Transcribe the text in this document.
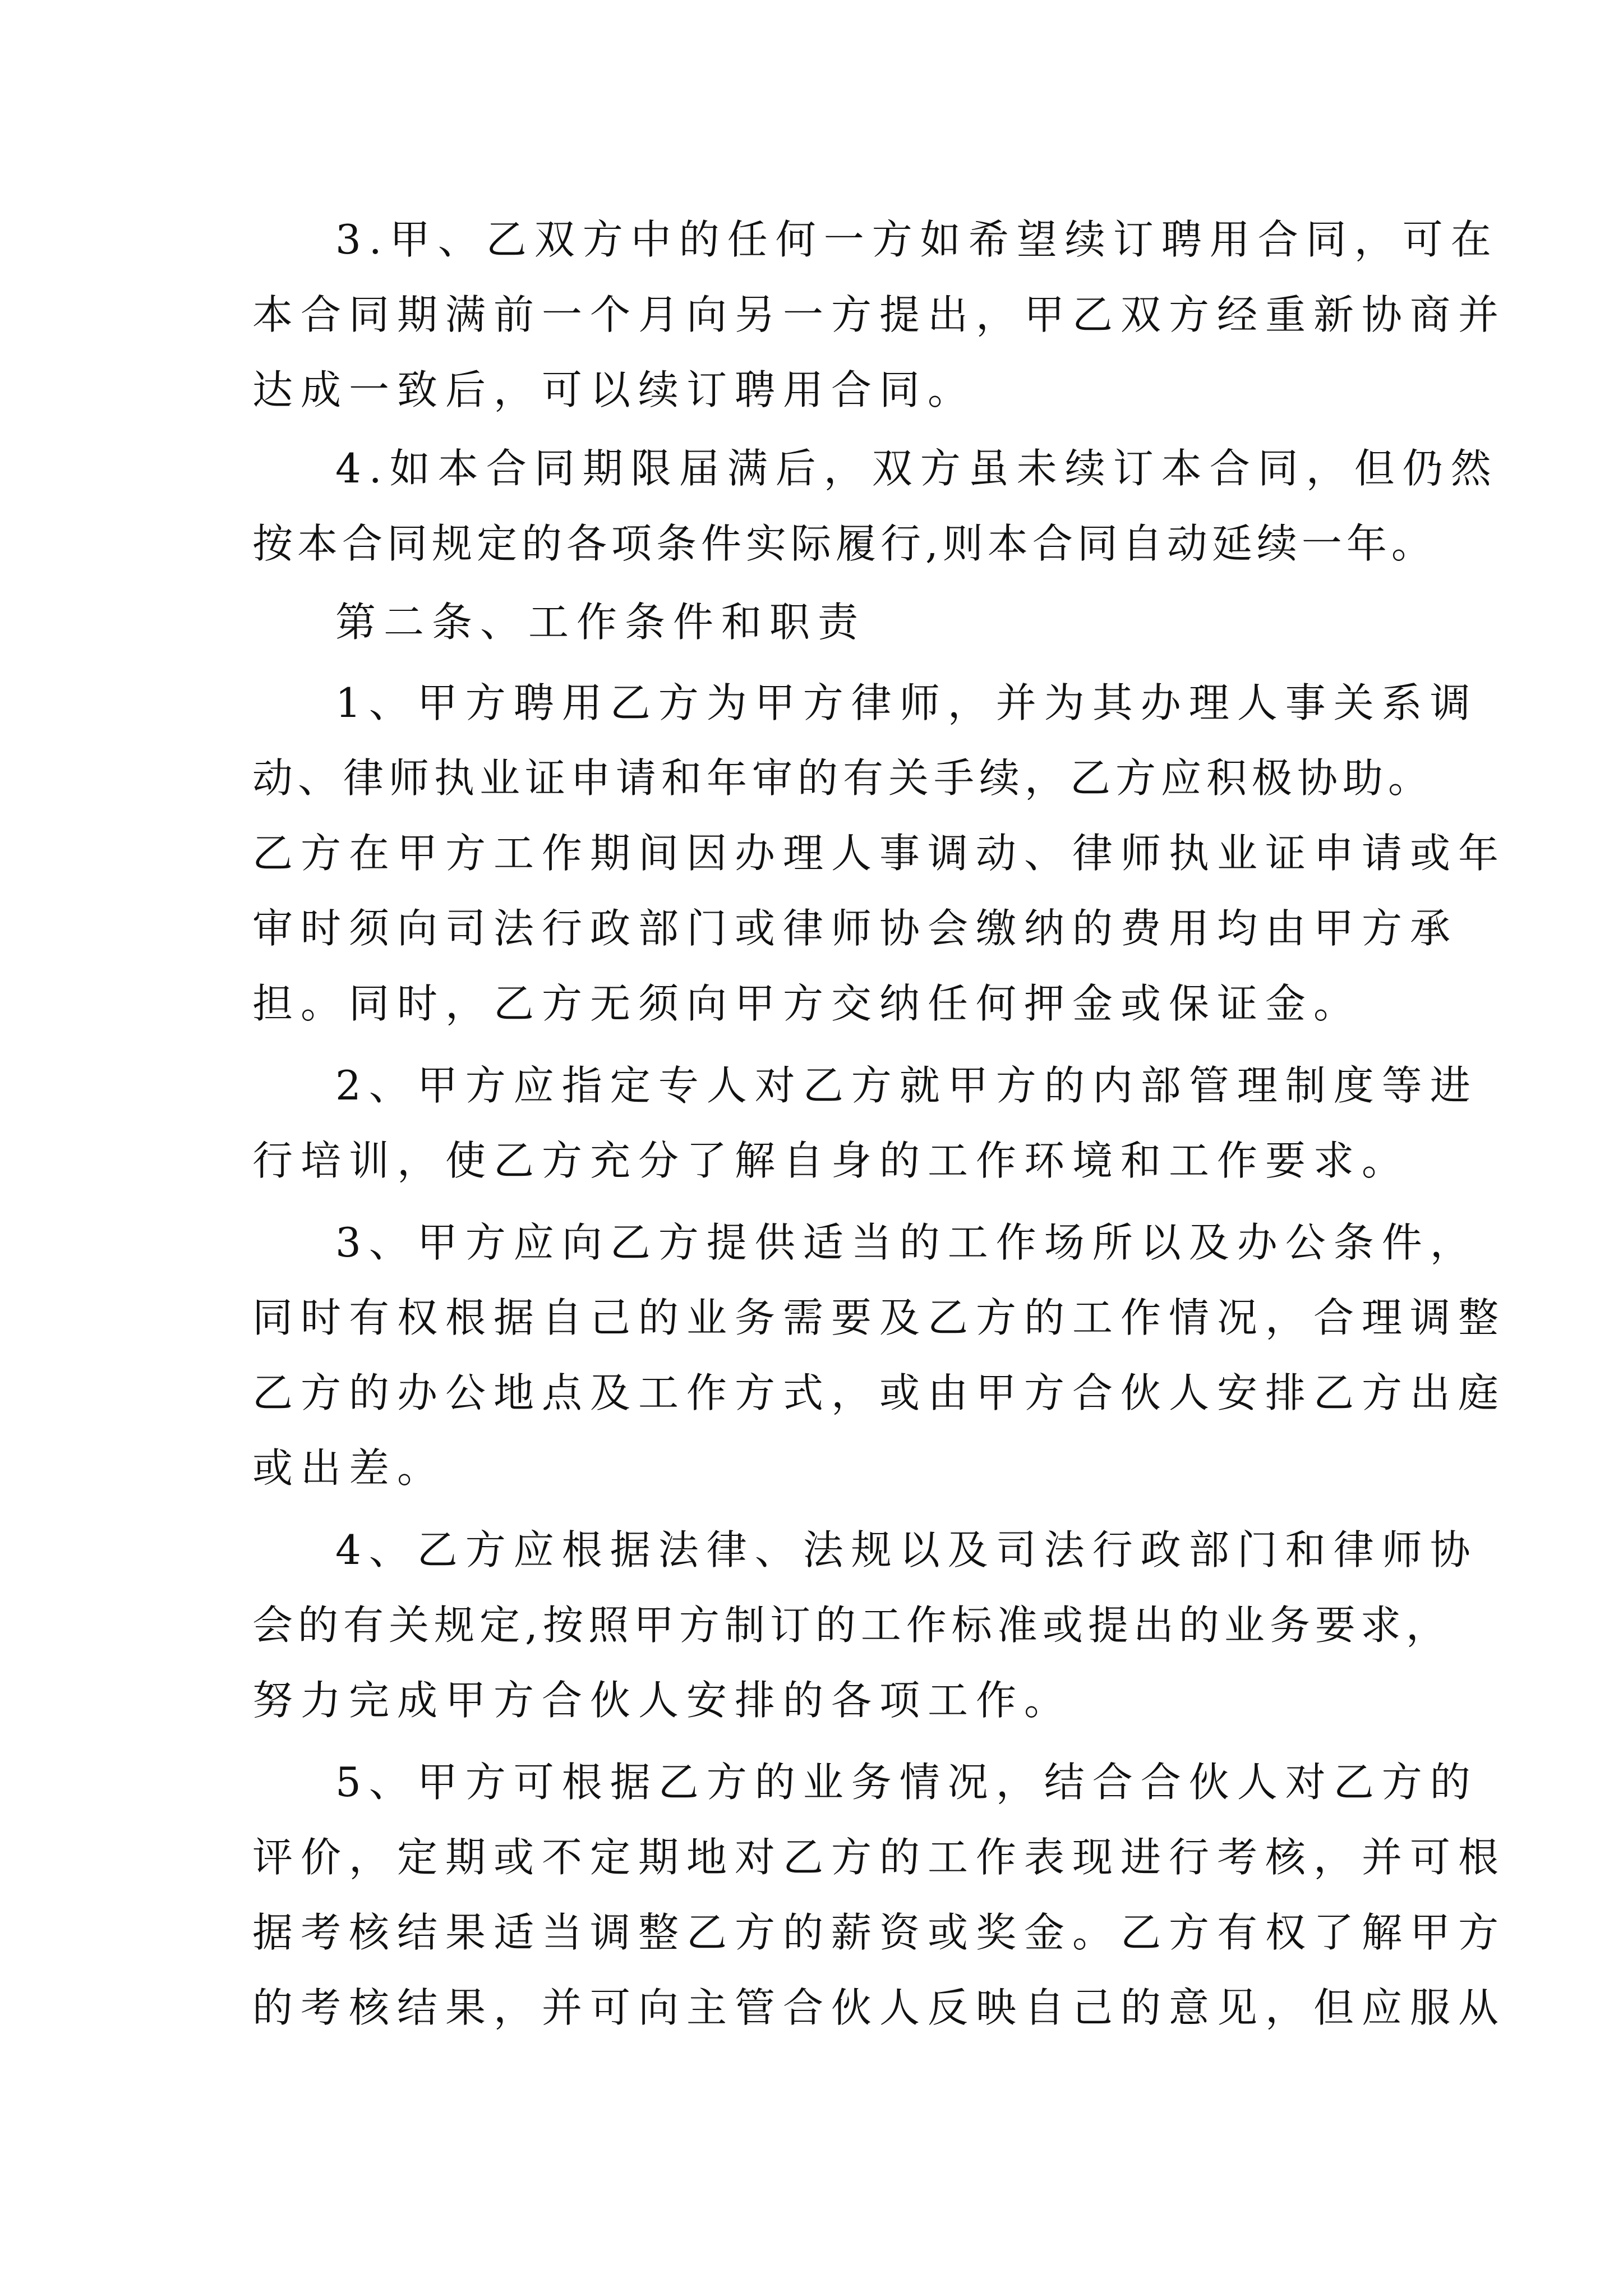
3.甲、乙双方中的任何一方如希望续订聘用合同，可在
本合同期满前一个月向另一方提出，甲乙双方经重新协商并
达成一致后，可以续订聘用合同。
4.如本合同期限届满后，双方虽未续订本合同，但仍然
按本合同规定的各项条件实际履行,则本合同自动延续一年。
第二条、工作条件和职责
1、甲方聘用乙方为甲方律师，并为其办理人事关系调
动、律师执业证申请和年审的有关手续，乙方应积极协助。
乙方在甲方工作期间因办理人事调动、律师执业证申请或年
审时须向司法行政部门或律师协会缴纳的费用均由甲方承
担。同时，乙方无须向甲方交纳任何押金或保证金。
2、甲方应指定专人对乙方就甲方的内部管理制度等进
行培训，使乙方充分了解自身的工作环境和工作要求。
3、甲方应向乙方提供适当的工作场所以及办公条件，
同时有权根据自己的业务需要及乙方的工作情况，合理调整
乙方的办公地点及工作方式，或由甲方合伙人安排乙方出庭
或出差。
4、乙方应根据法律、法规以及司法行政部门和律师协
会的有关规定,按照甲方制订的工作标准或提出的业务要求，
努力完成甲方合伙人安排的各项工作。
5、甲方可根据乙方的业务情况，结合合伙人对乙方的
评价，定期或不定期地对乙方的工作表现进行考核，并可根
据考核结果适当调整乙方的薪资或奖金。乙方有权了解甲方
的考核结果，并可向主管合伙人反映自己的意见，但应服从
